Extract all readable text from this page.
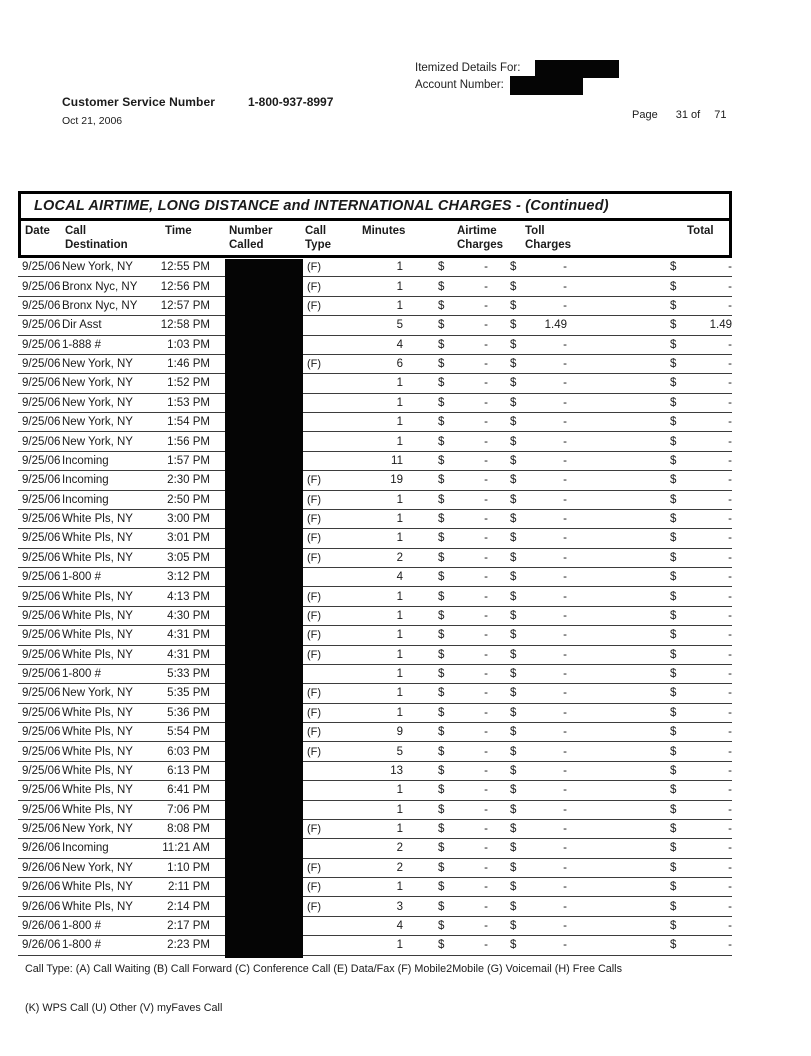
Itemized Details For:
Account Number:
Customer Service Number	1-800-937-8997
Oct 21, 2006	Page 31 of 71
LOCAL AIRTIME, LONG DISTANCE and INTERNATIONAL CHARGES - (Continued)
Date Call
Destination
Time	Number
Called
Call
Type
Minutes	Airtime
Charges
Toll
Charges
Total
9/25/06 New York, NY	12:55 PM	(F)	1	$	- $	-	$	-
9/25/06 Bronx Nyc, NY	12:56 PM	(F)	1	$	- $	-	$	-
9/25/06 Bronx Nyc, NY	12:57 PM	(F)	1	$	- $	-	$	-
9/25/06 Dir Asst	12:58 PM	5	$	- $ 1.49	$	1.49
9/25/06 1-888 #	1:03 PM	4	$	- $	-	$	-
9/25/06 New York, NY	1:46 PM	(F)	6	$	- $	-	$	-
9/25/06 New York, NY	1:52 PM	1	$	- $	-	$	-
9/25/06 New York, NY	1:53 PM	1	$	- $	-	$	-
9/25/06 New York, NY	1:54 PM	1	$	- $	-	$	-
9/25/06 New York, NY	1:56 PM	1	$	- $	-	$	-
9/25/06 Incoming	1:57 PM	11	$	- $	-	$	-
9/25/06 Incoming	2:30 PM	(F)	19	$	- $	-	$	-
9/25/06 Incoming	2:50 PM	(F)	1	$	- $	-	$	-
9/25/06 White Pls, NY	3:00 PM	(F)	1	$	- $	-	$	-
9/25/06 White Pls, NY	3:01 PM	(F)	1	$	- $	-	$	-
9/25/06 White Pls, NY	3:05 PM	(F)	2	$	- $	-	$	-
9/25/06 1-800 #	3:12 PM	4	$	- $	-	$	-
9/25/06 White Pls, NY	4:13 PM	(F)	1	$	- $	-	$	-
9/25/06 White Pls, NY	4:30 PM	(F)	1	$	- $	-	$	-
9/25/06 White Pls, NY	4:31 PM	(F)	1	$	- $	-	$	-
9/25/06 White Pls, NY	4:31 PM	(F)	1	$	- $	-	$	-
9/25/06 1-800 #	5:33 PM	1	$	- $	-	$	-
9/25/06 New York, NY	5:35 PM	(F)	1	$	- $	-	$	-
9/25/06 White Pls, NY	5:36 PM	(F)	1	$	- $	-	$	-
9/25/06 White Pls, NY	5:54 PM	(F)	9	$	- $	-	$	-
9/25/06 White Pls, NY	6:03 PM	(F)	5	$	- $	-	$	-
9/25/06 White Pls, NY	6:13 PM	13	$	- $	-	$	-
9/25/06 White Pls, NY	6:41 PM	1	$	- $	-	$	-
9/25/06 White Pls, NY	7:06 PM	1	$	- $	-	$	-
9/25/06 New York, NY	8:08 PM	(F)	1	$	- $	-	$	-
9/26/06 Incoming	11:21 AM	2	$	- $	-	$	-
9/26/06 New York, NY	1:10 PM	(F)	2	$	- $	-	$	-
9/26/06 White Pls, NY	2:11 PM	(F)	1	$	- $	-	$	-
9/26/06 White Pls, NY	2:14 PM	(F)	3	$	- $	-	$	-
9/26/06 1-800 #	2:17 PM	4	$	- $	-	$	-
9/26/06 1-800 #	2:23 PM	1	$	- $	-	$	-
Call Type: (A) Call Waiting (B) Call Forward (C) Conference Call (E) Data/Fax (F) Mobile2Mobile (G) Voicemail (H) Free Calls
(K) WPS Call (U) Other (V) myFaves Call
